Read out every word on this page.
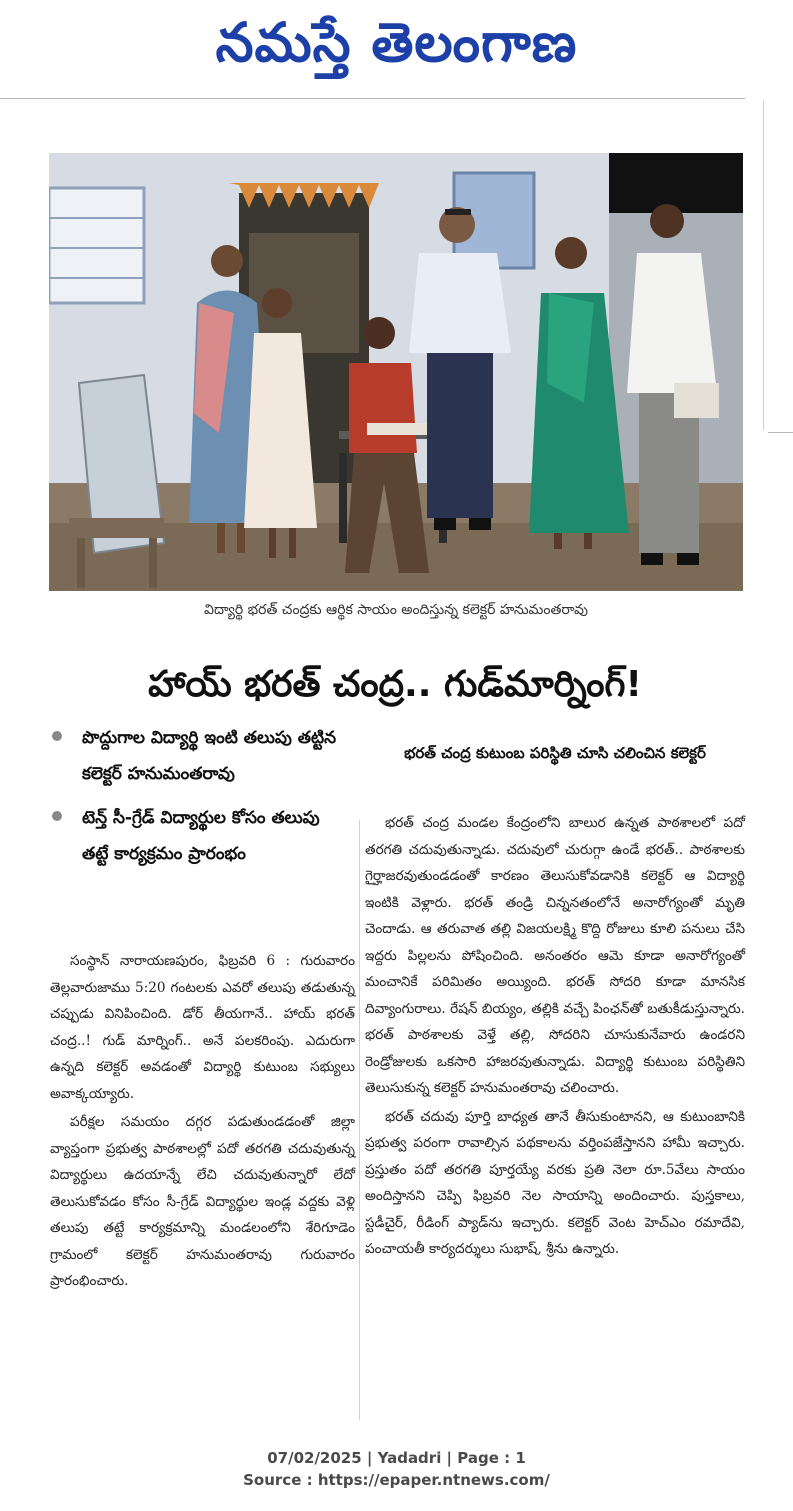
నమస్తే తెలంగాణ
విద్యార్థి భరత్ చంద్రకు ఆర్థిక సాయం అందిస్తున్న కలెక్టర్ హనుమంతరావు
హాయ్ భరత్ చంద్ర.. గుడ్‌మార్నింగ్!
పొద్దుగాల విద్యార్థి ఇంటి తలుపు తట్టిన కలెక్టర్ హనుమంతరావు
టెన్త్ సీ-గ్రేడ్ విద్యార్థుల కోసం తలుపు తట్టే కార్యక్రమం ప్రారంభం
భరత్ చంద్ర కుటుంబ పరిస్థితి చూసి చలించిన కలెక్టర్

సంస్థాన్ నారాయణపురం, ఫిబ్రవరి 6 : గురువారం తెల్లవారుజాము 5:20 గంటలకు ఎవరో తలుపు తడుతున్న చప్పుడు వినిపించింది. డోర్ తీయగానే.. హాయ్ భరత్ చంద్ర..! గుడ్ మార్నింగ్.. అనే పలకరింపు. ఎదురుగా ఉన్నది కలెక్టర్ అవడంతో విద్యార్థి కుటుంబ సభ్యులు అవాక్కయ్యారు.

పరీక్షల సమయం దగ్గర పడుతుండడంతో జిల్లా వ్యాప్తంగా ప్రభుత్వ పాఠశాలల్లో పదో తరగతి చదువుతున్న విద్యార్థులు ఉదయాన్నే లేచి చదువుతున్నారో లేదో తెలుసుకోవడం కోసం సీ-గ్రేడ్ విద్యార్థుల ఇండ్ల వద్దకు వెళ్లి తలుపు తట్టే కార్యక్రమాన్ని మండలంలోని శేరిగూడెం గ్రామంలో కలెక్టర్ హనుమంతరావు గురువారం ప్రారంభించారు.

భరత్ చంద్ర మండల కేంద్రంలోని బాలుర ఉన్నత పాఠశాలలో పదో తరగతి చదువుతున్నాడు. చదువులో చురుగ్గా ఉండే భరత్.. పాఠశాలకు గైర్హాజరవుతుండడంతో కారణం తెలుసుకోవడానికి కలెక్టర్ ఆ విద్యార్థి ఇంటికి వెళ్లారు. భరత్ తండ్రి చిన్ననతంలోనే అనారోగ్యంతో మృతి చెందాడు. ఆ తరువాత తల్లి విజయలక్ష్మి కొద్ది రోజులు కూలి పనులు చేసి ఇద్దరు పిల్లలను పోషించింది. అనంతరం ఆమె కూడా అనారోగ్యంతో మంచానికే పరిమితం అయ్యింది. భరత్ సోదరి కూడా మానసిక దివ్యాంగురాలు. రేషన్ బియ్యం, తల్లికి వచ్చే పింఛన్‌తో బతుకీడుస్తున్నారు. భరత్ పాఠశాలకు వెళ్తే తల్లి, సోదరిని చూసుకునేవారు ఉండరని రెండ్రోజులకు ఒకసారి హాజరవుతున్నాడు. విద్యార్థి కుటుంబ పరిస్థితిని తెలుసుకున్న కలెక్టర్ హనుమంతరావు చలించారు.

భరత్ చదువు పూర్తి బాధ్యత తానే తీసుకుంటానని, ఆ కుటుంబానికి ప్రభుత్వ పరంగా రావాల్సిన పథకాలను వర్తింపజేస్తానని హామీ ఇచ్చారు. ప్రస్తుతం పదో తరగతి పూర్తయ్యే వరకు ప్రతి నెలా రూ.5వేలు సాయం అందిస్తానని చెప్పి ఫిబ్రవరి నెల సాయాన్ని అందించారు. పుస్తకాలు, స్టడీచైర్, రీడింగ్ ప్యాడ్‌ను ఇచ్చారు. కలెక్టర్ వెంట హెచ్‌ఎం రమాదేవి, పంచాయతీ కార్యదర్శులు సుభాష్, శ్రీను ఉన్నారు.

07/02/2025 | Yadadri | Page : 1
Source : https://epaper.ntnews.com/
